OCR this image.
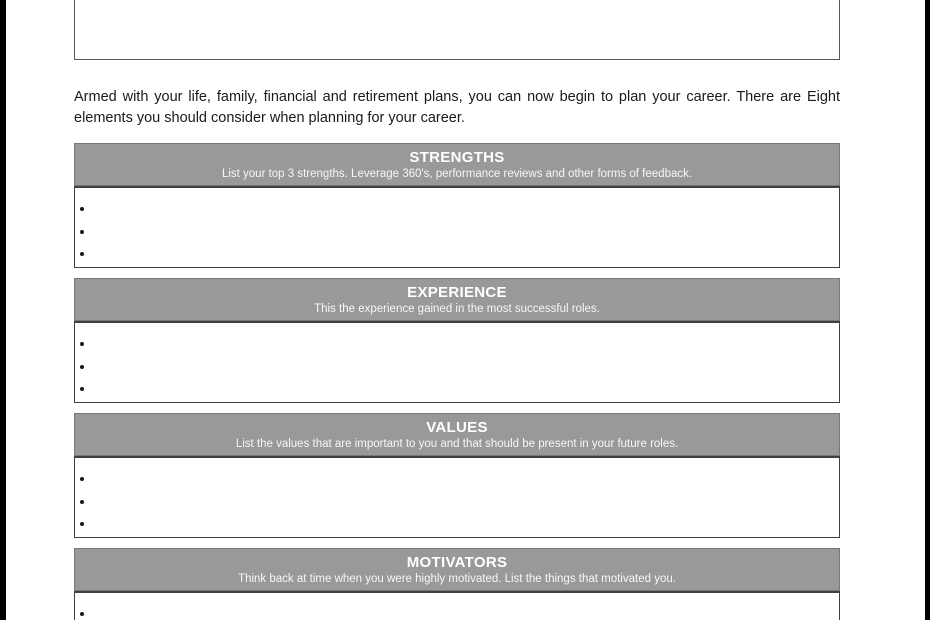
Armed with your life, family, financial and retirement plans, you can now begin to plan your career. There are Eight elements you should consider when planning for your career.

STRENGTHS
List your top 3 strengths. Leverage 360's, performance reviews and other forms of feedback.
•
•
•
EXPERIENCE
This the experience gained in the most successful roles.
•
•
•
VALUES
List the values that are important to you and that should be present in your future roles.
•
•
•
MOTIVATORS
Think back at time when you were highly motivated. List the things that motivated you.
•
